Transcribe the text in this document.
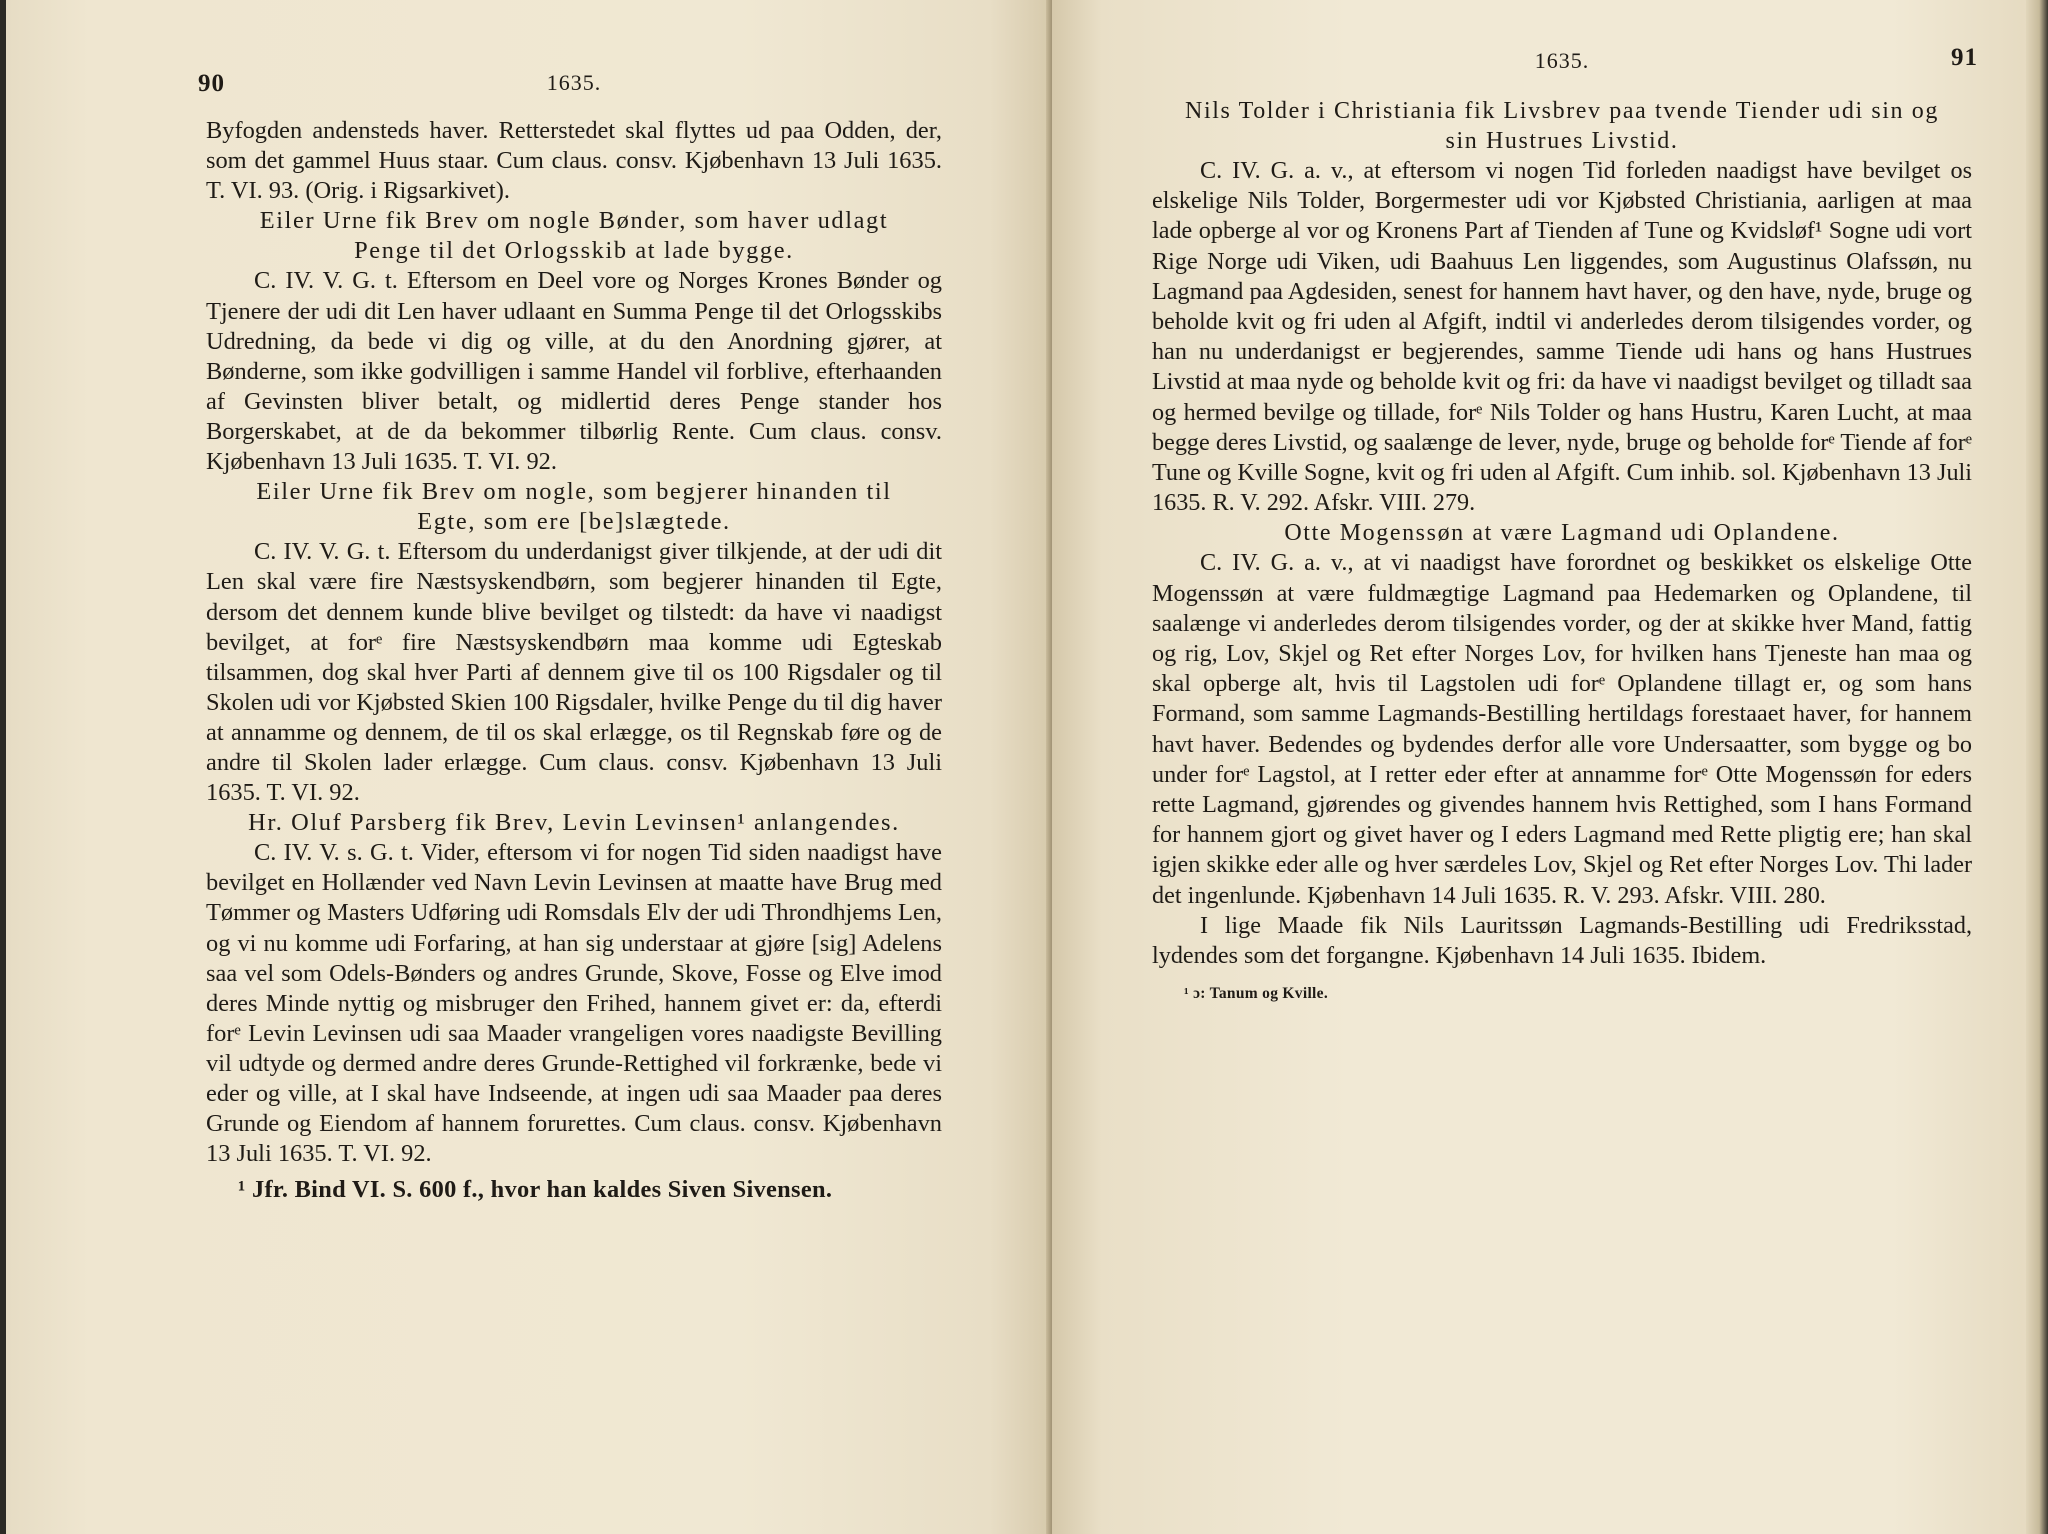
90	1635.

Byfogden andensteds haver. Retterstedet skal flyttes ud paa Odden, der, som det gammel Huus staar. Cum claus. consv. Kjøbenhavn 13 Juli 1635. T. VI. 93. (Orig. i Rigsarkivet).

Eiler Urne fik Brev om nogle Bønder, som haver udlagt Penge til det Orlogsskib at lade bygge.

C. IV. V. G. t. Eftersom en Deel vore og Norges Krones Bønder og Tjenere der udi dit Len haver udlaant en Summa Penge til det Orlogsskibs Udredning, da bede vi dig og ville, at du den Anordning gjører, at Bønderne, som ikke godvilligen i samme Handel vil forblive, efterhaanden af Gevinsten bliver betalt, og midlertid deres Penge stander hos Borgerskabet, at de da bekommer tilbørlig Rente. Cum claus. consv. Kjøbenhavn 13 Juli 1635. T. VI. 92.

Eiler Urne fik Brev om nogle, som begjerer hinanden til Egte, som ere [be]slægtede.

C. IV. V. G. t. Eftersom du underdanigst giver tilkjende, at der udi dit Len skal være fire Næstsyskendbørn, som begjerer hinanden til Egte, dersom det dennem kunde blive bevilget og tilstedt: da have vi naadigst bevilget, at forᵉ fire Næstsyskendbørn maa komme udi Egteskab tilsammen, dog skal hver Parti af dennem give til os 100 Rigsdaler og til Skolen udi vor Kjøbsted Skien 100 Rigsdaler, hvilke Penge du til dig haver at annamme og dennem, de til os skal erlægge, os til Regnskab føre og de andre til Skolen lader erlægge. Cum claus. consv. Kjøbenhavn 13 Juli 1635. T. VI. 92.

Hr. Oluf Parsberg fik Brev, Levin Levinsen¹ anlangendes.

C. IV. V. s. G. t. Vider, eftersom vi for nogen Tid siden naadigst have bevilget en Hollænder ved Navn Levin Levinsen at maatte have Brug med Tømmer og Masters Udføring udi Romsdals Elv der udi Throndhjems Len, og vi nu komme udi Forfaring, at han sig understaar at gjøre [sig] Adelens saa vel som Odels-Bønders og andres Grunde, Skove, Fosse og Elve imod deres Minde nyttig og misbruger den Frihed, hannem givet er: da, efterdi forᵉ Levin Levinsen udi saa Maader vrangeligen vores naadigste Bevilling vil udtyde og dermed andre deres Grunde-Rettighed vil forkrænke, bede vi eder og ville, at I skal have Indseende, at ingen udi saa Maader paa deres Grunde og Eiendom af hannem forurettes. Cum claus. consv. Kjøbenhavn 13 Juli 1635. T. VI. 92.

¹ Jfr. Bind VI. S. 600 f., hvor han kaldes Siven Sivensen.

1635.	91

Nils Tolder i Christiania fik Livsbrev paa tvende Tiender udi sin og sin Hustrues Livstid.

C. IV. G. a. v., at eftersom vi nogen Tid forleden naadigst have bevilget os elskelige Nils Tolder, Borgermester udi vor Kjøbsted Christiania, aarligen at maa lade opberge al vor og Kronens Part af Tienden af Tune og Kvidsløf¹ Sogne udi vort Rige Norge udi Viken, udi Baahuus Len liggendes, som Augustinus Olafssøn, nu Lagmand paa Agdesiden, senest for hannem havt haver, og den have, nyde, bruge og beholde kvit og fri uden al Afgift, indtil vi anderledes derom tilsigendes vorder, og han nu underdanigst er begjerendes, samme Tiende udi hans og hans Hustrues Livstid at maa nyde og beholde kvit og fri: da have vi naadigst bevilget og tilladt saa og hermed bevilge og tillade, forᵉ Nils Tolder og hans Hustru, Karen Lucht, at maa begge deres Livstid, og saalænge de lever, nyde, bruge og beholde forᵉ Tiende af forᵉ Tune og Kville Sogne, kvit og fri uden al Afgift. Cum inhib. sol. Kjøbenhavn 13 Juli 1635. R. V. 292. Afskr. VIII. 279.

Otte Mogenssøn at være Lagmand udi Oplandene.

C. IV. G. a. v., at vi naadigst have forordnet og beskikket os elskelige Otte Mogenssøn at være fuldmægtige Lagmand paa Hedemarken og Oplandene, til saalænge vi anderledes derom tilsigendes vorder, og der at skikke hver Mand, fattig og rig, Lov, Skjel og Ret efter Norges Lov, for hvilken hans Tjeneste han maa og skal opberge alt, hvis til Lagstolen udi forᵉ Oplandene tillagt er, og som hans Formand, som samme Lagmands-Bestilling hertildags forestaaet haver, for hannem havt haver. Bedendes og bydendes derfor alle vore Undersaatter, som bygge og bo under forᵉ Lagstol, at I retter eder efter at annamme forᵉ Otte Mogenssøn for eders rette Lagmand, gjørendes og givendes hannem hvis Rettighed, som I hans Formand for hannem gjort og givet haver og I eders Lagmand med Rette pligtig ere; han skal igjen skikke eder alle og hver særdeles Lov, Skjel og Ret efter Norges Lov. Thi lader det ingenlunde. Kjøbenhavn 14 Juli 1635. R. V. 293. Afskr. VIII. 280.

I lige Maade fik Nils Lauritssøn Lagmands-Bestilling udi Fredriksstad, lydendes som det forgangne. Kjøbenhavn 14 Juli 1635. Ibidem.

¹ ɔ: Tanum og Kville.
